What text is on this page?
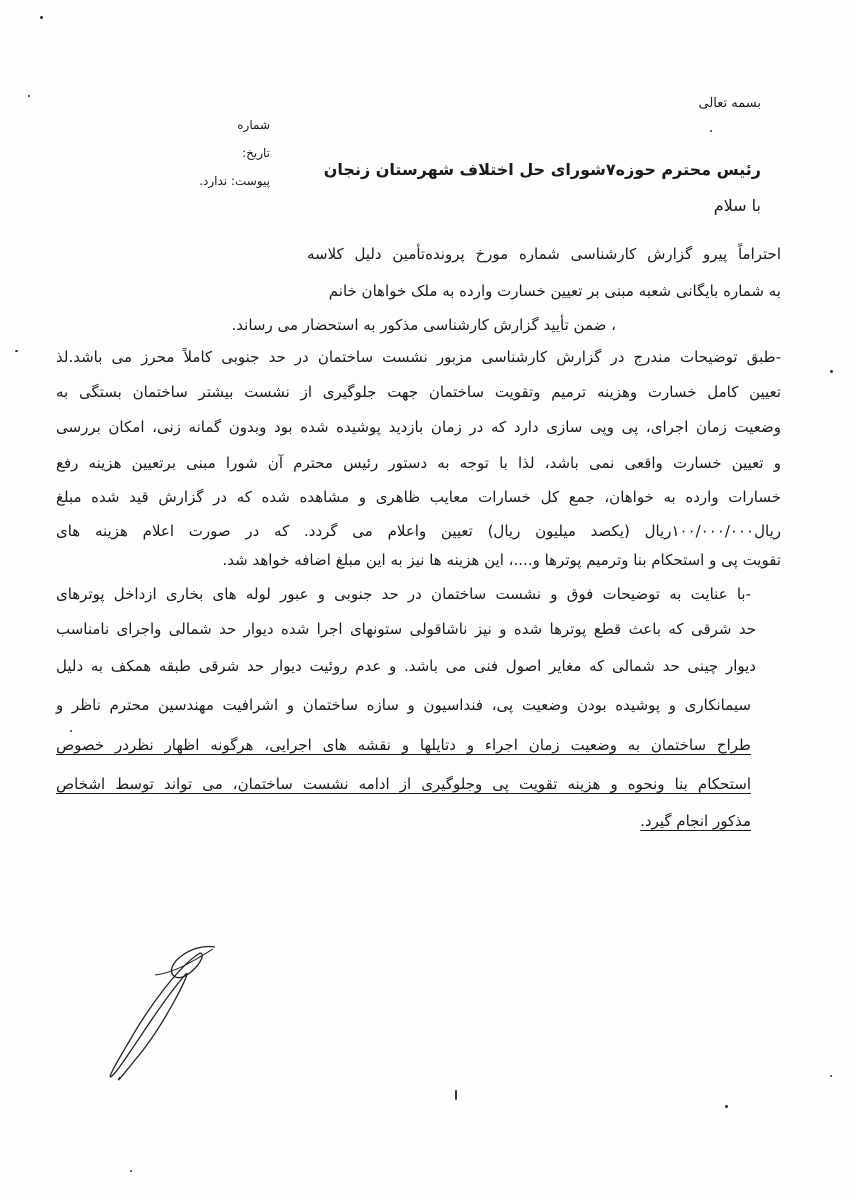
بسمه تعالی
شماره
تاریخ:
پیوست: ندارد.
رئیس محترم حوزه۷شورای حل اختلاف شهرستان زنجان
با سلام
احتراماً پیرو گزارش کارشناسی شماره مورخ پرونده‌تأمین دلیل کلاسه
به شماره بایگانی شعبه مبنی بر تعیین خسارت وارده به ملک خواهان خانم
، ضمن تأیید گزارش کارشناسی مذکور به استحضار می رساند.
-طبق توضیحات مندرج در گزارش کارشناسی مزبور نشست ساختمان در حد جنوبی کاملاً محرز می باشد.لذ
تعیین کامل خسارت وهزینه ترمیم وتقویت ساختمان جهت جلوگیری از نشست بیشتر ساختمان بستگی به
وضعیت زمان اجرای، پی وپی سازی دارد که در زمان بازدید پوشیده شده بود وبدون گمانه زنی، امکان بررسی
و تعیین خسارت واقعی نمی باشد، لذا با توجه به دستور رئیس محترم آن شورا مبنی برتعیین هزینه رفع
خسارات وارده به خواهان، جمع کل خسارات معایب ظاهری و مشاهده شده که در گزارش قید شده مبلغ
ریال۱۰۰/۰۰۰/۰۰۰ریال (یکصد میلیون ریال) تعیین واعلام می گردد. که در صورت اعلام هزینه های
تقویت پی و استحکام بنا وترمیم پوترها و....، این هزینه ها نیز به این مبلغ اضافه خواهد شد.
-با عنایت به توضیحات فوق و نشست ساختمان در حد جنوبی و عبور لوله های بخاری ازداخل پوترهای
حد شرقی که باعث قطع پوترها شده و نیز ناشاقولی ستونهای اجرا شده دیوار حد شمالی واجرای نامناسب
دیوار چینی حد شمالی که مغایر اصول فنی می باشد. و عدم روئیت دیوار حد شرقی طبقه همکف به دلیل
سیمانکاری و پوشیده بودن وضعیت پی، فنداسیون و سازه ساختمان و اشرافیت مهندسین محترم ناظر و
طراح ساختمان به وضعیت زمان اجراء و دتایلها و نقشه های اجرایی، هرگونه اظهار نظردر خصوص
استحکام بنا ونحوه و هزینه تقویت پی وجلوگیری از ادامه نشست ساختمان، می تواند توسط اشخاص
مذکور انجام گیرد.
